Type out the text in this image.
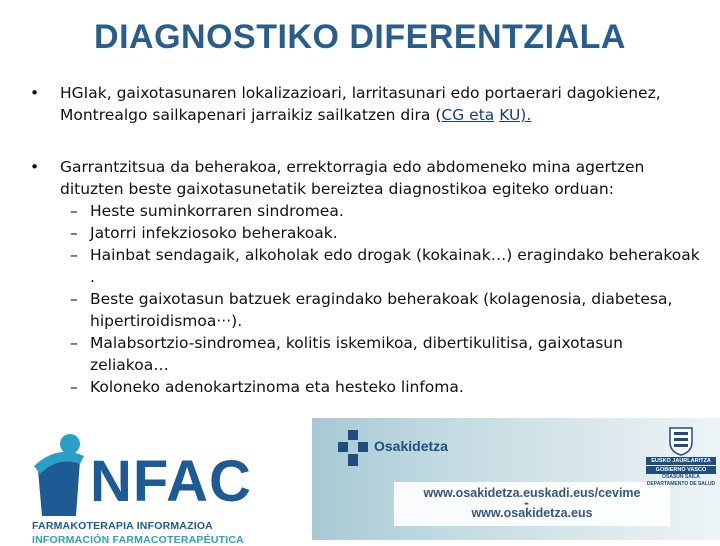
DIAGNOSTIKO DIFERENTZIALA
• HGIak, gaixotasunaren lokalizazioari, larritasunari edo portaerari dagokienez, Montrealgo sailkapenari jarraikiz sailkatzen dira (CG eta KU).
• Garrantzitsua da beherakoa, errektorragia edo abdomeneko mina agertzen dituzten beste gaixotasunetatik bereiztea diagnostikoa egiteko orduan:
– Heste suminkorraren sindromea.
– Jatorri infekziosoko beherakoak.
– Hainbat sendagaik, alkoholak edo drogak (kokainak…) eragindako beherakoak .
– Beste gaixotasun batzuek eragindako beherakoak (kolagenosia, diabetesa, hipertiroidismoa···).
– Malabsortzio-sindromea, kolitis iskemikoa, dibertikulitisa, gaixotasun zeliakoa…
– Koloneko adenokartzinoma eta hesteko linfoma.
NFAC
FARMAKOTERAPIA INFORMAZIOA
INFORMACIÓN FARMACOTERAPÉUTICA
Osakidetza
www.osakidetza.euskadi.eus/cevime
-
www.osakidetza.eus
EUSKO JAURLARITZA
GOBIERNO VASCO
OSASUN SAILA
DEPARTAMENTO DE SALUD
